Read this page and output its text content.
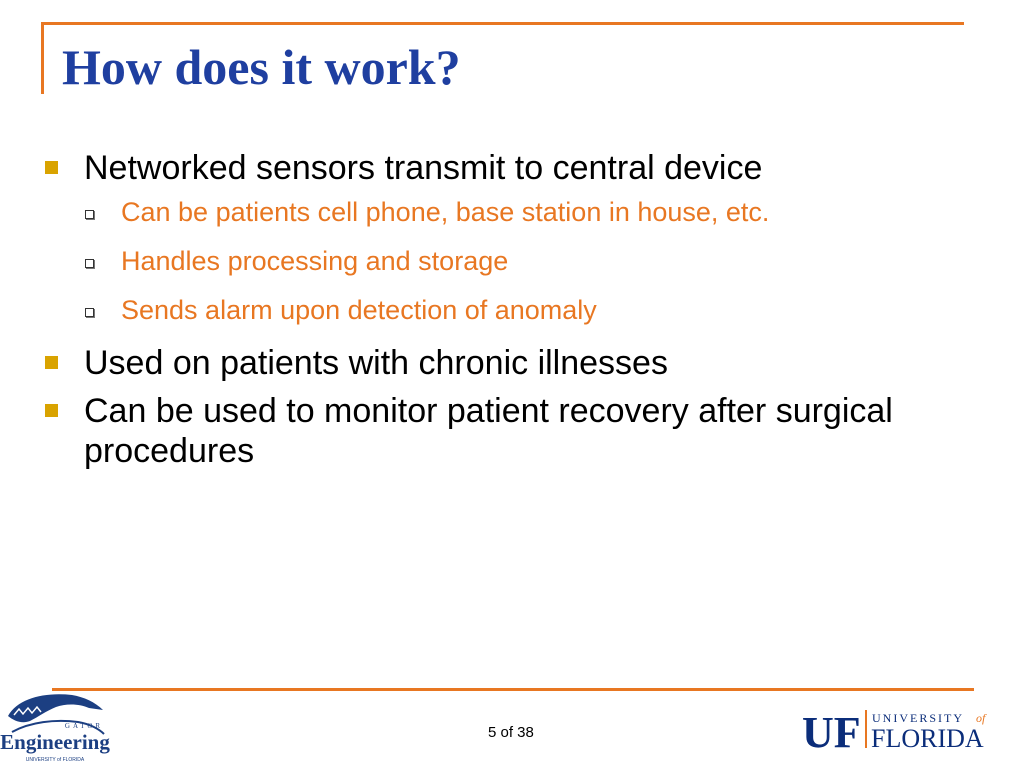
How does it work?
Networked sensors transmit to central device
Can be patients cell phone, base station in house, etc.
Handles processing and storage
Sends alarm upon detection of anomaly
Used on patients with chronic illnesses
Can be used to monitor patient recovery after surgical procedures
GATOR
Engineering
UNIVERSITY of FLORIDA
5 of 38	UF UNIVERSITY of
FLORIDA
